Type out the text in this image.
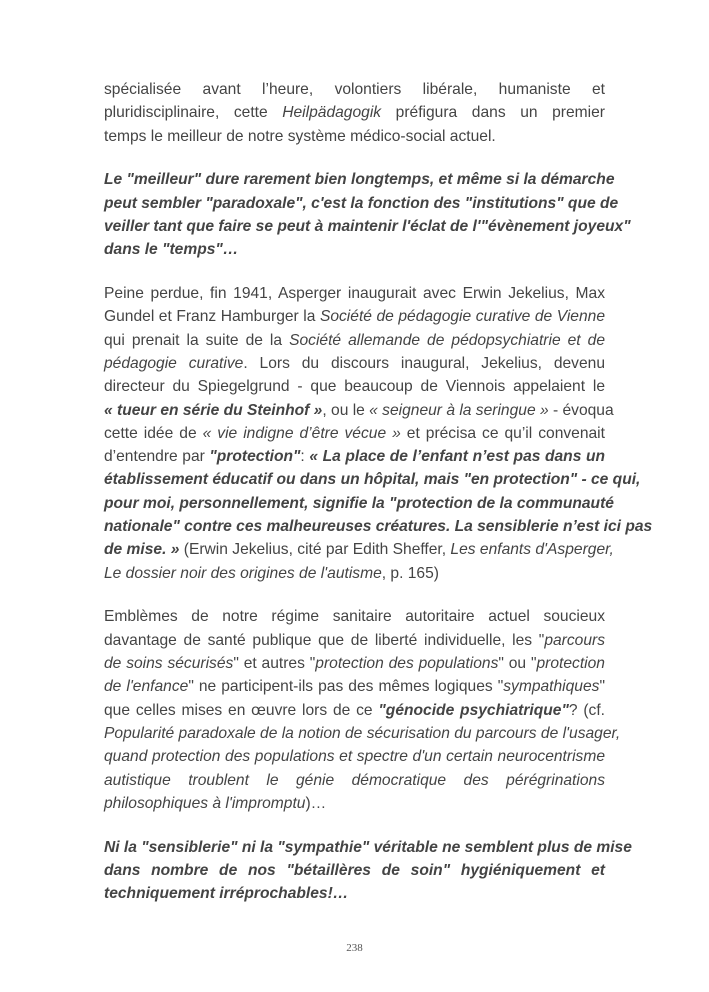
spécialisée avant l’heure, volontiers libérale, humaniste et
pluridisciplinaire, cette Heilpädagogik préfigura dans un premier
temps le meilleur de notre système médico-social actuel.
Le "meilleur" dure rarement bien longtemps, et même si la démarche
peut sembler "paradoxale", c'est la fonction des "institutions" que de
veiller tant que faire se peut à maintenir l'éclat de l'"évènement joyeux"
dans le "temps"…
Peine perdue, fin 1941, Asperger inaugurait avec Erwin Jekelius, Max
Gundel et Franz Hamburger la Société de pédagogie curative de Vienne
qui prenait la suite de la Société allemande de pédopsychiatrie et de
pédagogie curative. Lors du discours inaugural, Jekelius, devenu
directeur du Spiegelgrund - que beaucoup de Viennois appelaient le
« tueur en série du Steinhof », ou le « seigneur à la seringue » - évoqua
cette idée de « vie indigne d’être vécue » et précisa ce qu’il convenait
d’entendre par "protection": « La place de l’enfant n’est pas dans un
établissement éducatif ou dans un hôpital, mais "en protection" - ce qui,
pour moi, personnellement, signifie la "protection de la communauté
nationale" contre ces malheureuses créatures. La sensiblerie n’est ici pas
de mise. » (Erwin Jekelius, cité par Edith Sheffer, Les enfants d'Asperger,
Le dossier noir des origines de l'autisme, p. 165)
Emblèmes de notre régime sanitaire autoritaire actuel soucieux
davantage de santé publique que de liberté individuelle, les "parcours
de soins sécurisés" et autres "protection des populations" ou "protection
de l'enfance" ne participent-ils pas des mêmes logiques "sympathiques"
que celles mises en œuvre lors de ce "génocide psychiatrique"? (cf.
Popularité paradoxale de la notion de sécurisation du parcours de l'usager,
quand protection des populations et spectre d'un certain neurocentrisme
autistique troublent le génie démocratique des pérégrinations
philosophiques à l'impromptu)…
Ni la "sensiblerie" ni la "sympathie" véritable ne semblent plus de mise
dans nombre de nos "bétaillères de soin" hygiéniquement et
techniquement irréprochables!…
238
